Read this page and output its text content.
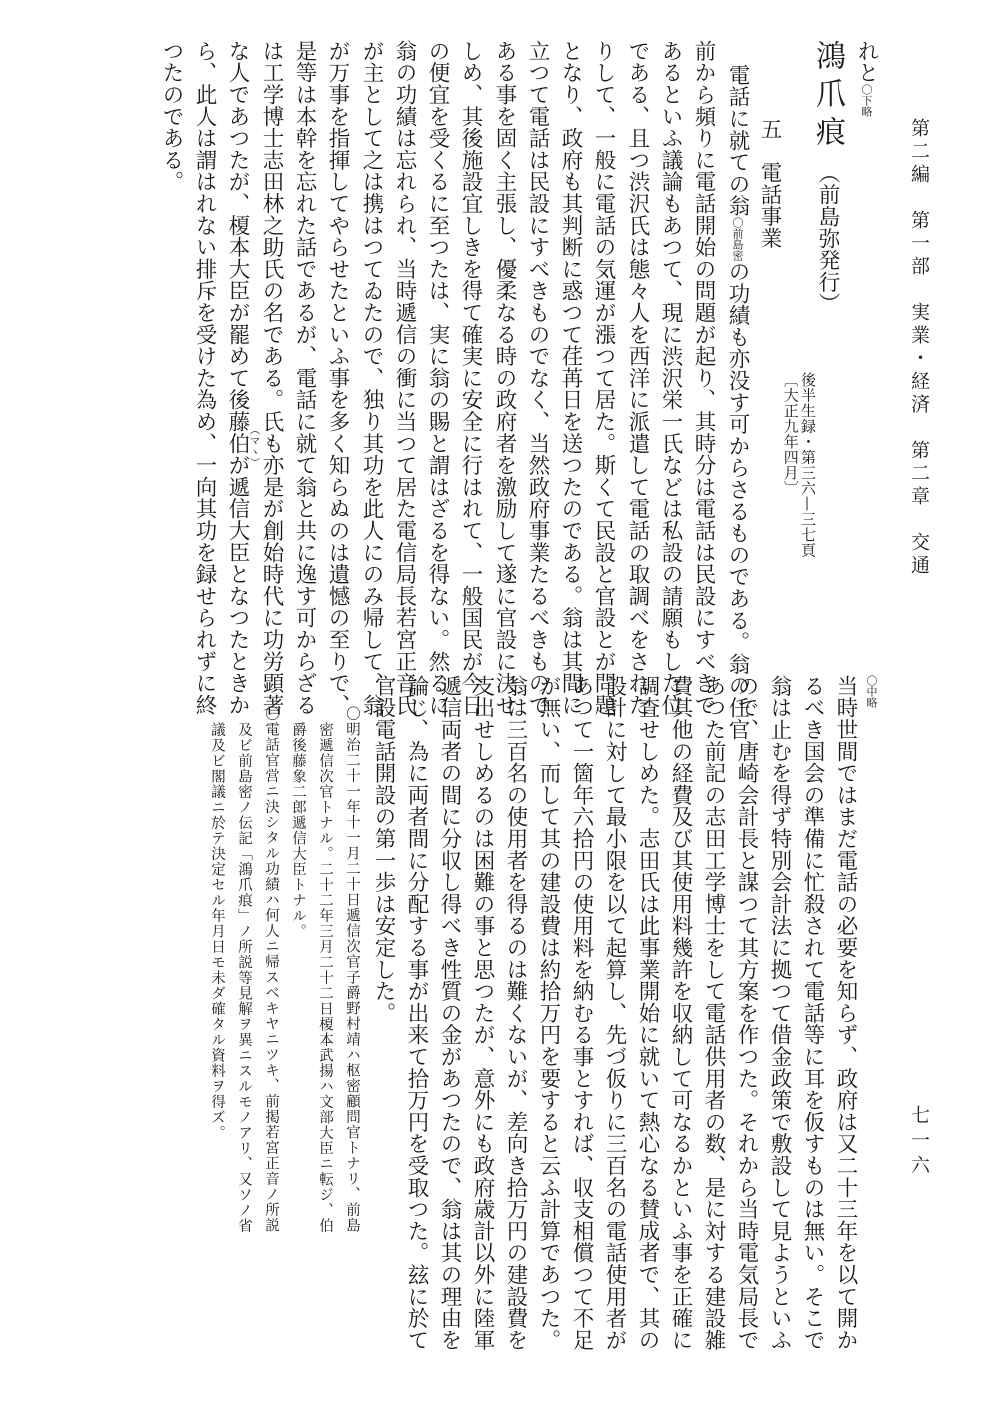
第二編　第一部　実業・経済　第二章　交通
七一六
れと〇下略
鴻爪痕（前島弥発行）
後半生録・第三六—三七頁
〔大正九年四月〕
五　電話事業
電話に就ての翁〇前島密の功績も亦没す可からさるものである。翁の任官
前から頻りに電話開始の問題が起り、其時分は電話は民設にすべきで
あるといふ議論もあつて、現に渋沢栄一氏などは私設の請願もした位
である、且つ渋沢氏は態々人を西洋に派遣して電話の取調べをされた
りして、一般に電話の気運が漲つて居た。斯くて民設と官設とが問題
となり、政府も其判断に惑つて荏苒日を送つたのである。翁は其間に
立つて電話は民設にすべきものでなく、当然政府事業たるべきもので
ある事を固く主張し、優柔なる時の政府者を激励して遂に官設に決せ
しめ、其後施設宜しきを得て確実に安全に行はれて、一般国民が今日
の便宜を受くるに至つたは、実に翁の賜と謂はざるを得ない。然るに
翁の功績は忘れられ、当時遞信の衝に当つて居た電信局長若宮正音氏
が主として之は携はつてゐたので、独り其功を此人にのみ帰して、翁
が万事を指揮してやらせたといふ事を多く知らぬのは遺憾の至りで、
是等は本幹を忘れた話であるが、電話に就て翁と共に逸す可からざる
は工学博士志田林之助氏の名である。氏も亦是が創始時代に功労顕著
（マヽ）
な人であつたが、榎本大臣が罷めて後藤伯が遞信大臣となつたときか
ら、此人は謂はれない排斥を受けた為め、一向其功を録せられずに終
つたのである。
〇中略
当時世間ではまだ電話の必要を知らず、政府は又二十三年を以て開か
るべき国会の準備に忙殺されて電話等に耳を仮すものは無い。そこで
翁は止むを得ず特別会計法に拠つて借金政策で敷設して見ようといふ
ので、唐崎会計長と謀つて其方案を作つた。それから当時電気局長で
あつた前記の志田工学博士をして電話供用者の数、是に対する建設雑
費其他の経費及び其使用料幾許を収納して可なるかといふ事を正確に
調査せしめた。志田氏は此事業開始に就いて熱心なる賛成者で、其の
設計に対して最小限を以て起算し、先づ仮りに三百名の電話使用者が
あつて一箇年六拾円の使用料を納むる事とすれば、収支相償つて不足
が無い、而して其の建設費は約拾万円を要すると云ふ計算であつた。
翁は三百名の使用者を得るのは難くないが、差向き拾万円の建設費を
支出せしめるのは困難の事と思つたが、意外にも政府歳計以外に陸軍
遞信両者の間に分収し得べき性質の金があつたので、翁は其の理由を
論じ、為に両者間に分配する事が出来て拾万円を受取つた。玆に於て
官設電話開設の第一歩は安定した。
〇明治二十一年十一月二十日遞信次官子爵野村靖ハ枢密顧問官トナリ、前島
密遞信次官トナル。二十二年三月二十二日榎本武揚ハ文部大臣ニ転ジ、伯
爵後藤象二郎遞信大臣トナル。
〇電話官営ニ決シタル功績ハ何人ニ帰スベキヤニツキ、前掲若宮正音ノ所説
及ビ前島密ノ伝記「鴻爪痕」ノ所説等見解ヲ異ニスルモノアリ、又ソノ省
議及ビ閣議ニ於テ決定セル年月日モ未ダ確タル資料ヲ得ズ。
